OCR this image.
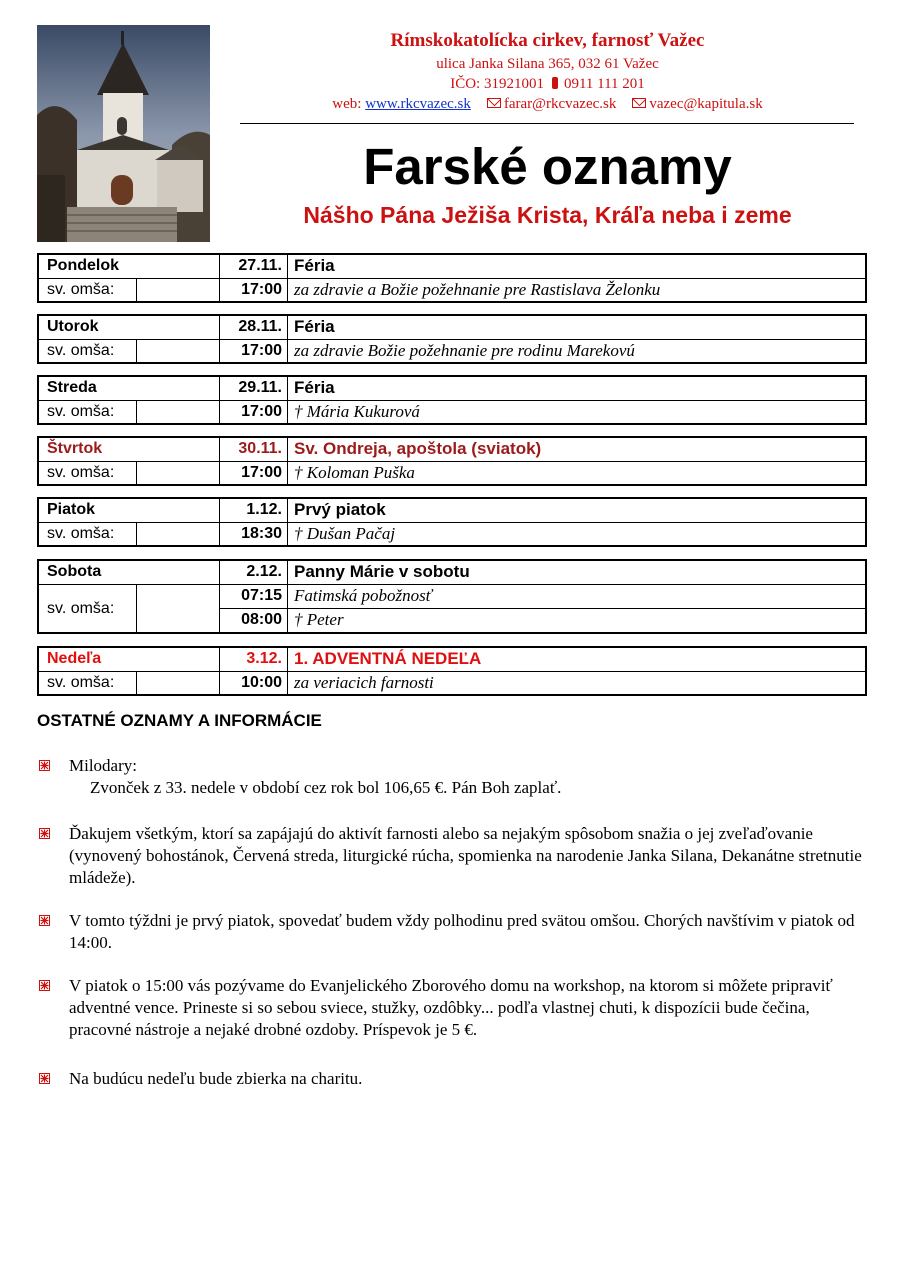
Rímskokatolícka cirkev, farnosť Važec
ulica Janka Silana 365, 032 61 Važec
IČO: 31921001 0911 111 201
web: www.rkcvazec.sk farar@rkcvazec.sk vazec@kapitula.sk
Farské oznamy
Nášho Pána Ježiša Krista, Kráľa neba i zeme
Pondelok	27.11. Féria
sv. omša:	17:00 za zdravie a Božie požehnanie pre Rastislava Želonku
Utorok	28.11. Féria
sv. omša:	17:00 za zdravie Božie požehnanie pre rodinu Marekovú
Streda	29.11. Féria
sv. omša:	17:00 † Mária Kukurová
Štvrtok	30.11. Sv. Ondreja, apoštola (sviatok)
sv. omša:	17:00 † Koloman Puška
Piatok	1.12. Prvý piatok
sv. omša:	18:30 † Dušan Pačaj
Sobota	2.12. Panny Márie v sobotu
sv. omša:
07:15 Fatimská pobožnosť
08:00 † Peter
Nedeľa	3.12. 1. ADVENTNÁ NEDEĽA
sv. omša:	10:00 za veriacich farnosti
OSTATNÉ OZNAMY A INFORMÁCIE
Milodary:
Zvonček z 33. nedele v období cez rok bol 106,65 €. Pán Boh zaplať.
Ďakujem všetkým, ktorí sa zapájajú do aktivít farnosti alebo sa nejakým spôsobom snažia o jej zveľaďovanie (vynovený bohostánok, Červená streda, liturgické rúcha, spomienka na narodenie Janka Silana, Dekanátne stretnutie mládeže).
V tomto týždni je prvý piatok, spovedať budem vždy polhodinu pred svätou omšou. Chorých navštívim v piatok od 14:00.
V piatok o 15:00 vás pozývame do Evanjelického Zborového domu na workshop, na ktorom si môžete pripraviť adventné vence. Prineste si so sebou sviece, stužky, ozdôbky... podľa vlastnej chuti, k dispozícii bude čečina, pracovné nástroje a nejaké drobné ozdoby. Príspevok je 5 €.
Na budúcu nedeľu bude zbierka na charitu.
